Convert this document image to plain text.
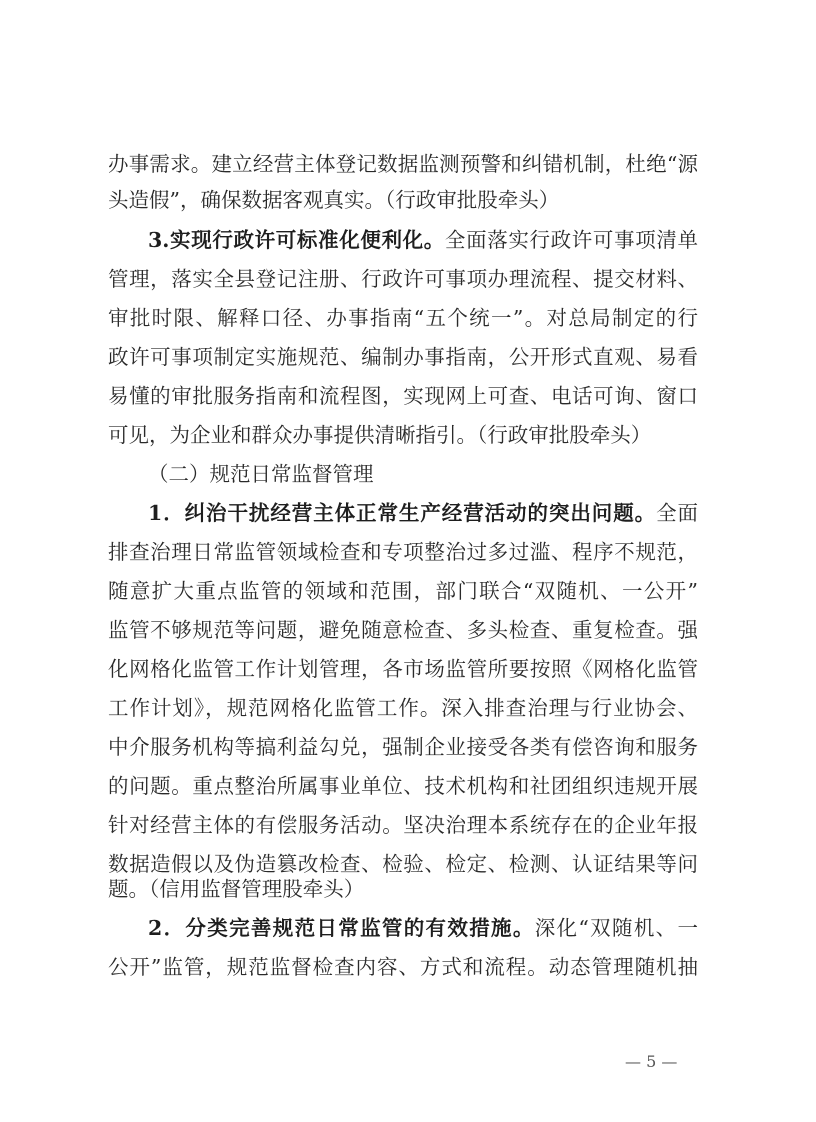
办事需求。建立经营主体登记数据监测预警和纠错机制，杜绝“源
头造假”，确保数据客观真实。（行政审批股牵头）
3.实现行政许可标准化便利化。全面落实行政许可事项清单
管理，落实全县登记注册、行政许可事项办理流程、提交材料、
审批时限、解释口径、办事指南“五个统一”。对总局制定的行
政许可事项制定实施规范、编制办事指南，公开形式直观、易看
易懂的审批服务指南和流程图，实现网上可查、电话可询、窗口
可见，为企业和群众办事提供清晰指引。（行政审批股牵头）
（二）规范日常监督管理
1．纠治干扰经营主体正常生产经营活动的突出问题。全面
排查治理日常监管领域检查和专项整治过多过滥、程序不规范，
随意扩大重点监管的领域和范围，部门联合“双随机、一公开”
监管不够规范等问题，避免随意检查、多头检查、重复检查。强
化网格化监管工作计划管理，各市场监管所要按照《网格化监管
工作计划》，规范网格化监管工作。深入排查治理与行业协会、
中介服务机构等搞利益勾兑，强制企业接受各类有偿咨询和服务
的问题。重点整治所属事业单位、技术机构和社团组织违规开展
针对经营主体的有偿服务活动。坚决治理本系统存在的企业年报
数据造假以及伪造篡改检查、检验、检定、检测、认证结果等问
题。（信用监督管理股牵头）
2．分类完善规范日常监管的有效措施。深化“双随机、一
公开”监管，规范监督检查内容、方式和流程。动态管理随机抽
— 5 —
